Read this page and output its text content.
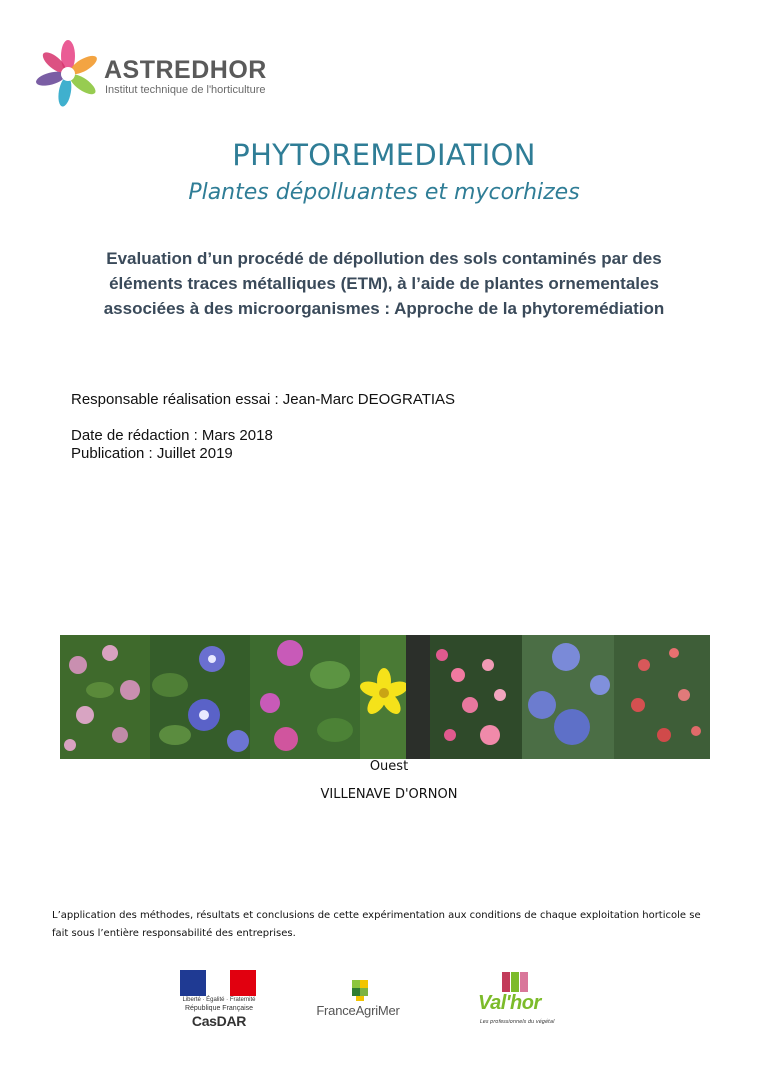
ASTREDHOR
Institut technique de l'horticulture
PHYTOREMEDIATION
Plantes dépolluantes et mycorhizes
Evaluation d’un procédé de dépollution des sols contaminés par des
éléments traces métalliques (ETM), à l’aide de plantes ornementales
associées à des microorganismes : Approche de la phytoremédiation
Responsable réalisation essai : Jean-Marc DEOGRATIAS
Date de rédaction : Mars 2018
Publication : Juillet 2019
Ouest
VILLENAVE D'ORNON

L’application des méthodes, résultats et conclusions de cette expérimentation aux conditions de chaque exploitation horticole se
fait sous l’entière responsabilité des entreprises.

Liberté · Égalité · Fraternité
République Française
CasDAR
FranceAgriMer	Val'hor
Les professionnels du végétal
